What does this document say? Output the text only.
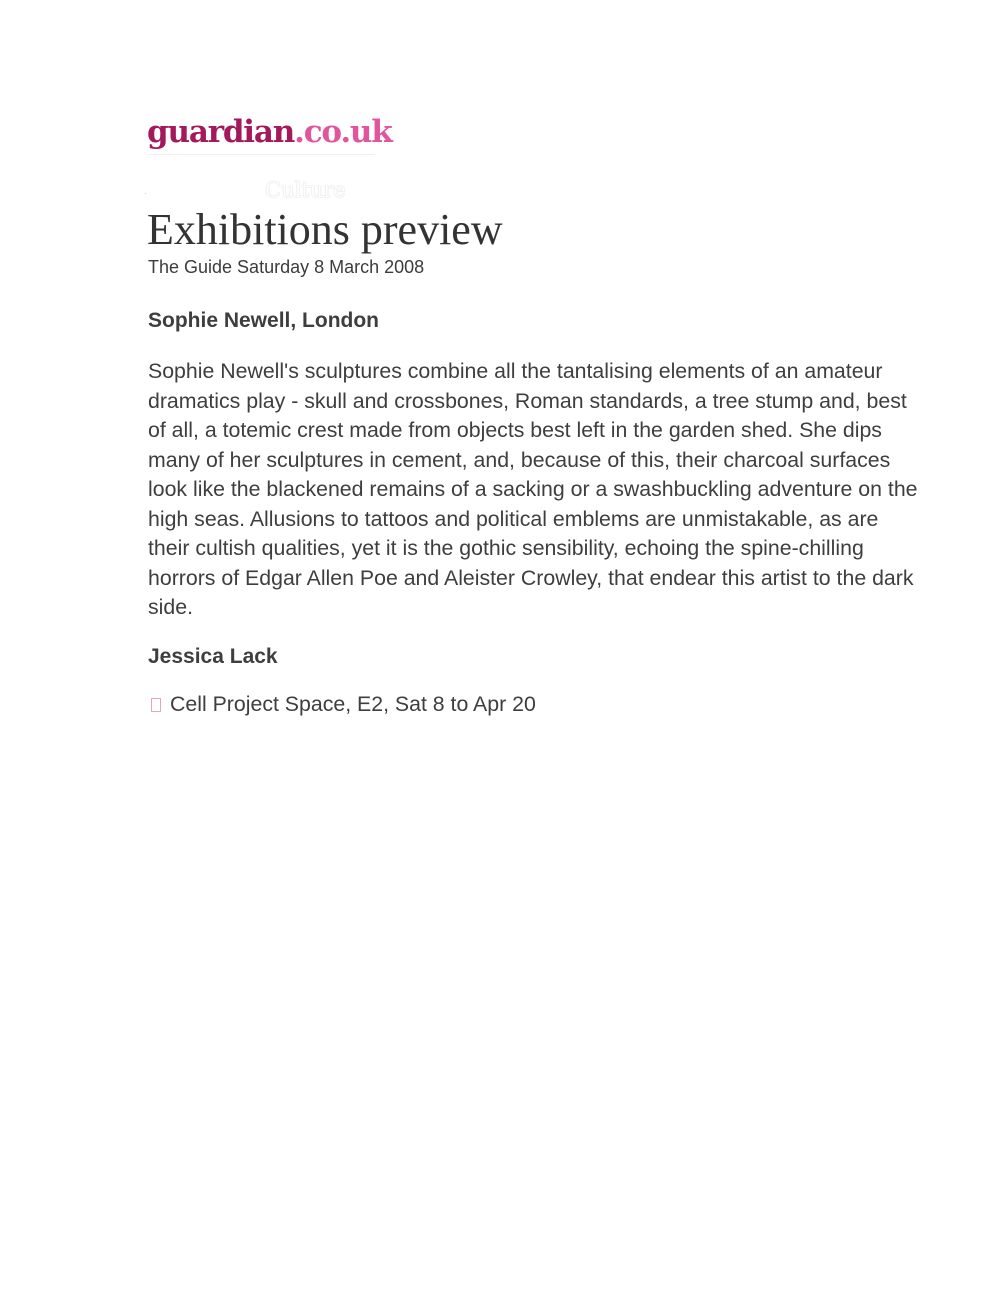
guardian.co.uk
.	Culture
Exhibitions preview
The Guide Saturday 8 March 2008
Sophie Newell, London

Sophie Newell's sculptures combine all the tantalising elements of an amateur dramatics play - skull and crossbones, Roman standards, a tree stump and, best of all, a totemic crest made from objects best left in the garden shed. She dips many of her sculptures in cement, and, because of this, their charcoal surfaces look like the blackened remains of a sacking or a swashbuckling adventure on the high seas. Allusions to tattoos and political emblems are unmistakable, as are their cultish qualities, yet it is the gothic sensibility, echoing the spine-chilling horrors of Edgar Allen Poe and Aleister Crowley, that endear this artist to the dark side.

Jessica Lack
Cell Project Space, E2, Sat 8 to Apr 20
